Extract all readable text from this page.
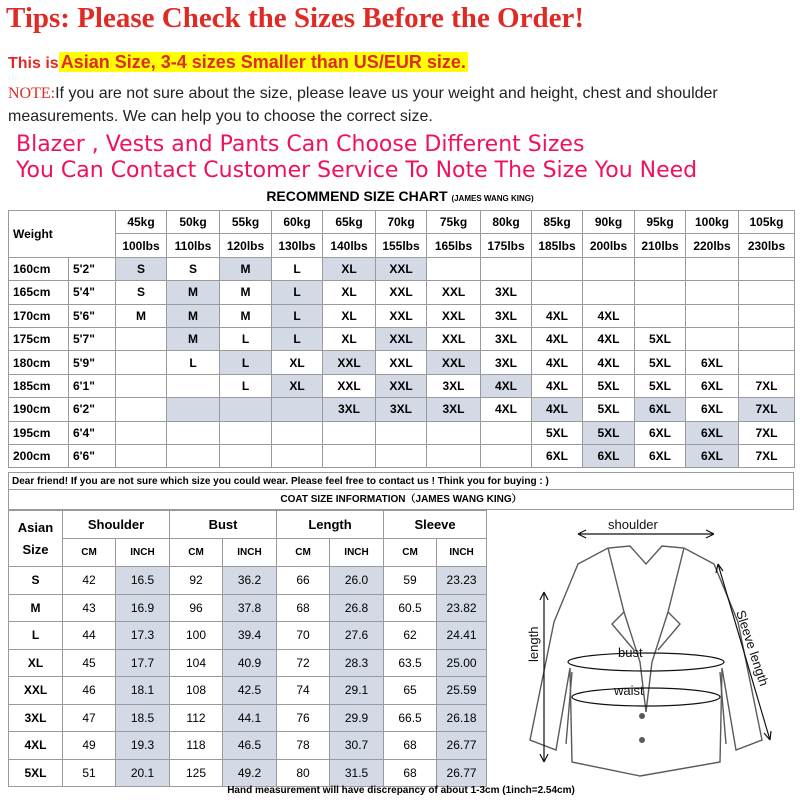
Tips: Please Check the Sizes Before the Order!
This is Asian Size, 3-4 sizes Smaller than US/EUR size.
NOTE:If you are not sure about the size, please leave us your weight and height, chest and shoulder measurements. We can help you to choose the correct size.
Blazer , Vests and Pants Can Choose Different Sizes
You Can Contact Customer Service To Note The Size You Need
RECOMMEND SIZE CHART (JAMES WANG KING)
Weight		45kg	50kg	55kg	60kg	65kg	70kg	75kg	80kg	85kg	90kg	95kg	100kg	105kg
		100lbs	110lbs	120lbs	130lbs	140lbs	155lbs	165lbs	175lbs	185lbs	200lbs	210lbs	220lbs	230lbs
160cm	5'2"	S	S	M	L	XL	XXL							
165cm	5'4"	S	M	M	L	XL	XXL	XXL	3XL					
170cm	5'6"	M	M	M	L	XL	XXL	XXL	3XL	4XL	4XL			
175cm	5'7"		M	L	L	XL	XXL	XXL	3XL	4XL	4XL	5XL		
180cm	5'9"		L	L	XL	XXL	XXL	XXL	3XL	4XL	4XL	5XL	6XL	
185cm	6'1"			L	XL	XXL	XXL	3XL	4XL	4XL	5XL	5XL	6XL	7XL
190cm	6'2"					3XL	3XL	3XL	4XL	4XL	5XL	6XL	6XL	7XL
195cm	6'4"									5XL	5XL	6XL	6XL	7XL
200cm	6'6"									6XL	6XL	6XL	6XL	7XL
Dear friend! If you are not sure which size you could wear. Please feel free to contact us ! Think you for buying : )
COAT SIZE INFORMATION（JAMES WANG KING）
Asian Size	Shoulder		Bust		Length		Sleeve	
	CM	INCH	CM	INCH	CM	INCH	CM	INCH
S	42	16.5	92	36.2	66	26.0	59	23.23
M	43	16.9	96	37.8	68	26.8	60.5	23.82
L	44	17.3	100	39.4	70	27.6	62	24.41
XL	45	17.7	104	40.9	72	28.3	63.5	25.00
XXL	46	18.1	108	42.5	74	29.1	65	25.59
3XL	47	18.5	112	44.1	76	29.9	66.5	26.18
4XL	49	19.3	118	46.5	78	30.7	68	26.77
5XL	51	20.1	125	49.2	80	31.5	68	26.77
shoulder
length	bust
waist
Sleeve length
Hand measurement will have discrepancy of about 1-3cm (1inch=2.54cm)
